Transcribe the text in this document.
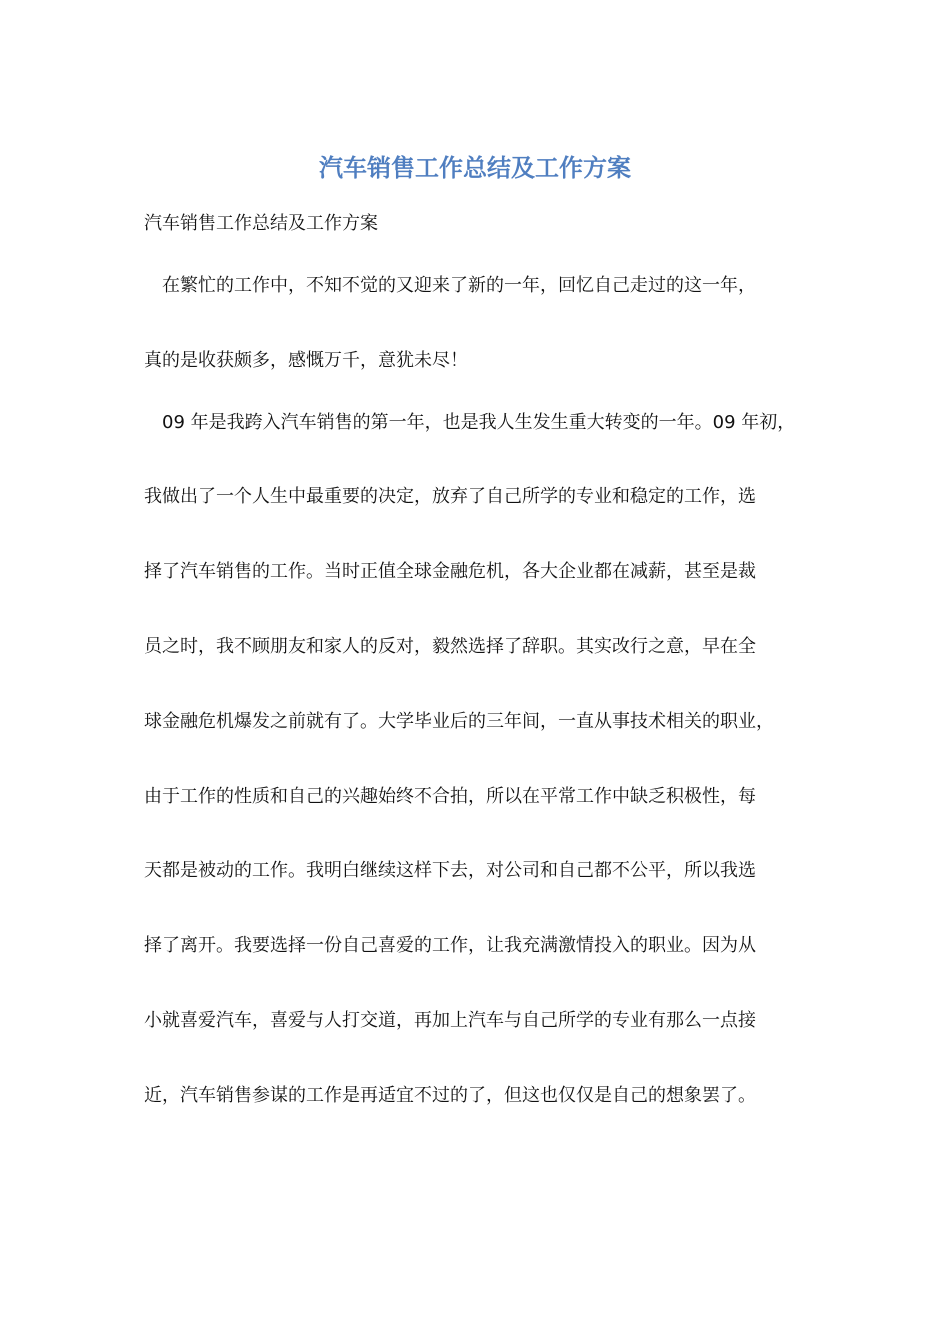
汽车销售工作总结及工作方案
汽车销售工作总结及工作方案
在繁忙的工作中，不知不觉的又迎来了新的一年，回忆自己走过的这一年，
真的是收获颇多，感慨万千，意犹未尽！
09 年是我跨入汽车销售的第一年，也是我人生发生重大转变的一年。09 年初，
我做出了一个人生中最重要的决定，放弃了自己所学的专业和稳定的工作，选
择了汽车销售的工作。当时正值全球金融危机，各大企业都在减薪，甚至是裁
员之时，我不顾朋友和家人的反对，毅然选择了辞职。其实改行之意，早在全
球金融危机爆发之前就有了。大学毕业后的三年间，一直从事技术相关的职业，
由于工作的性质和自己的兴趣始终不合拍，所以在平常工作中缺乏积极性，每
天都是被动的工作。我明白继续这样下去，对公司和自己都不公平，所以我选
择了离开。我要选择一份自己喜爱的工作，让我充满激情投入的职业。因为从
小就喜爱汽车，喜爱与人打交道，再加上汽车与自己所学的专业有那么一点接
近，汽车销售参谋的工作是再适宜不过的了，但这也仅仅是自己的想象罢了。
